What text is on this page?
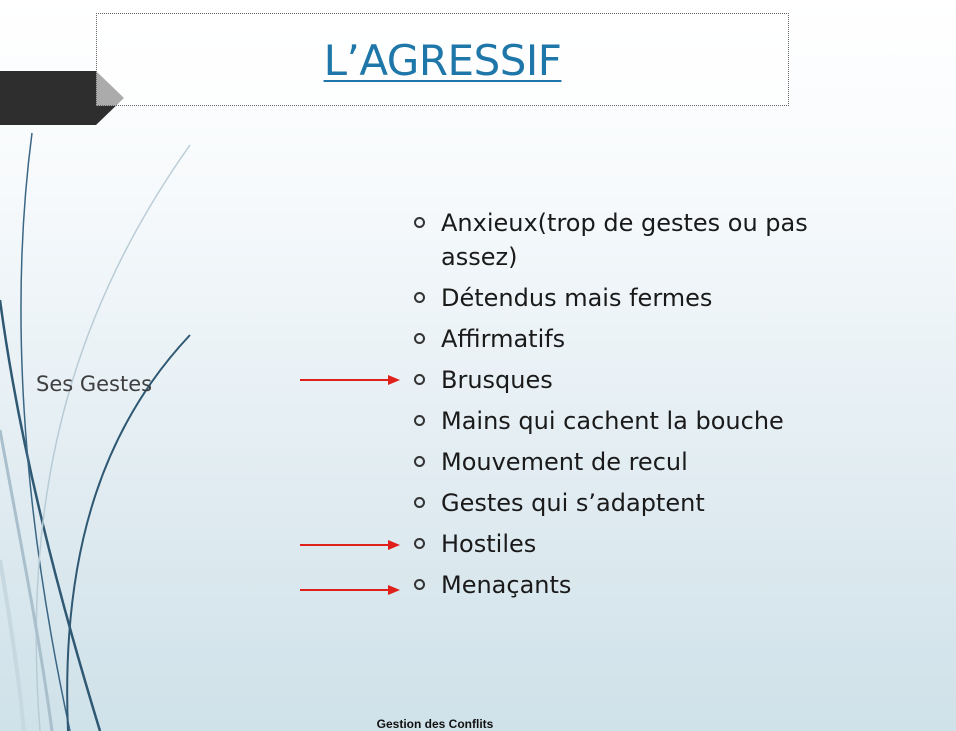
L’AGRESSIF
Ses Gestes
Anxieux(trop de gestes ou pas assez)
Détendus mais fermes
Affirmatifs
Brusques
Mains qui cachent la bouche
Mouvement de recul
Gestes qui s’adaptent
Hostiles
Menaçants
Gestion des Conflits
